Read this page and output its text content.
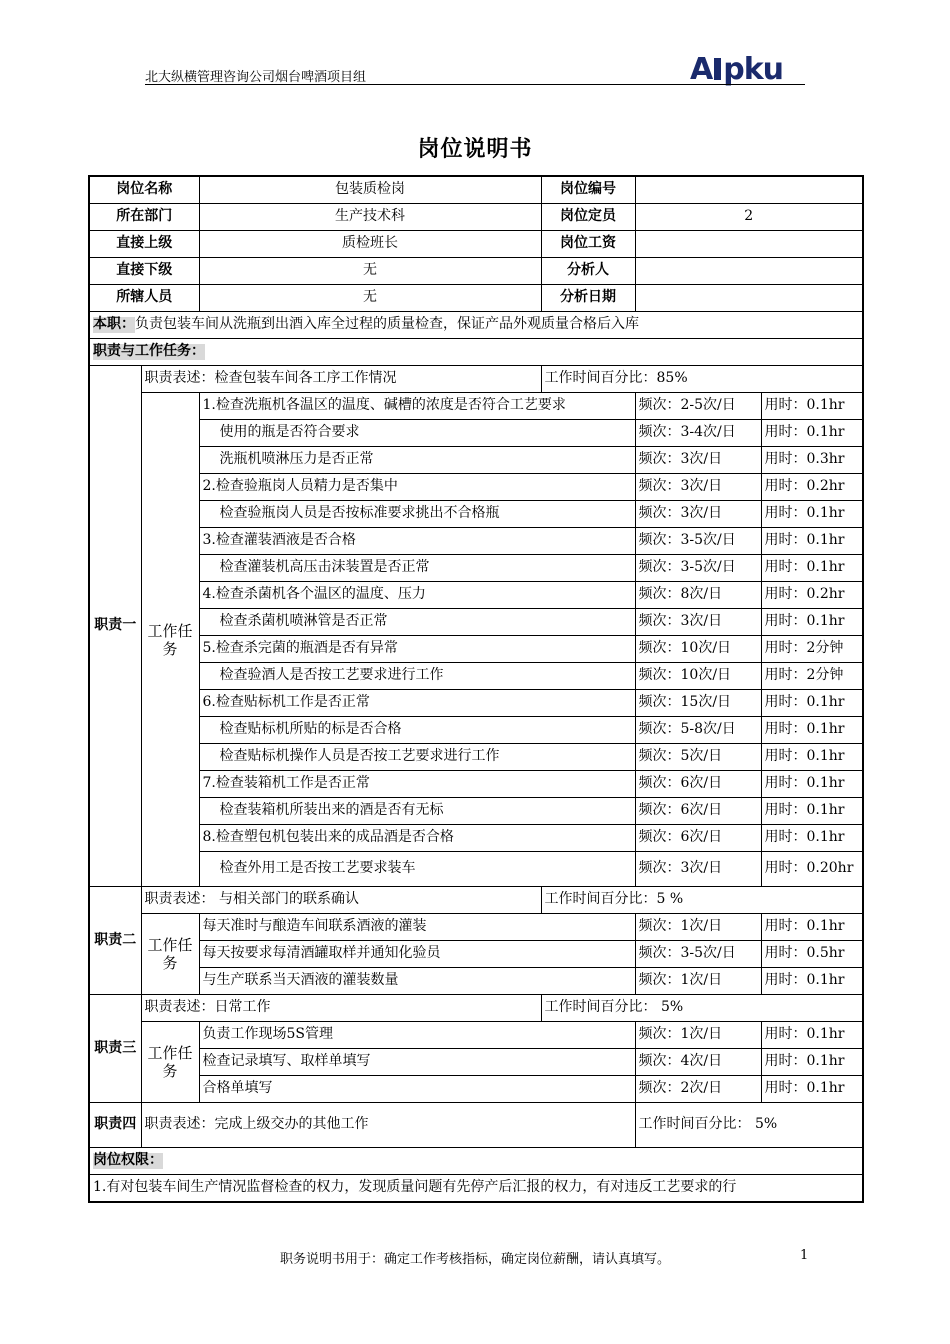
北大纵横管理咨询公司烟台啤酒项目组	A pku
岗位说明书
岗位名称		包装质检岗	岗位编号		
所在部门		生产技术科	岗位定员	2	
直接上级		质检班长	岗位工资		
直接下级		无	分析人		
所辖人员		无	分析日期		
本职：负责包装车间从洗瓶到出酒入库全过程的质量检查，保证产品外观质量合格后入库					
职责与工作任务：					
职责一	职责表述：检查包装车间各工序工作情况		工作时间百分比：85%		
	工作任务	1.检查洗瓶机各温区的温度、碱槽的浓度是否符合工艺要求		频次：2-5次/日	用时：0.1hr
		使用的瓶是否符合要求		频次：3-4次/日	用时：0.1hr
		洗瓶机喷淋压力是否正常		频次：3次/日	用时：0.3hr
		2.检查验瓶岗人员精力是否集中		频次：3次/日	用时：0.2hr
		检查验瓶岗人员是否按标准要求挑出不合格瓶		频次：3次/日	用时：0.1hr
		3.检查灌装酒液是否合格		频次：3-5次/日	用时：0.1hr
		检查灌装机高压击沫装置是否正常		频次：3-5次/日	用时：0.1hr
		4.检查杀菌机各个温区的温度、压力		频次：8次/日	用时：0.2hr
		检查杀菌机喷淋管是否正常		频次：3次/日	用时：0.1hr
		5.检查杀完菌的瓶酒是否有异常		频次：10次/日	用时：2分钟
		检查验酒人是否按工艺要求进行工作		频次：10次/日	用时：2分钟
		6.检查贴标机工作是否正常		频次：15次/日	用时：0.1hr
		检查贴标机所贴的标是否合格		频次：5-8次/日	用时：0.1hr
		检查贴标机操作人员是否按工艺要求进行工作		频次：5次/日	用时：0.1hr
		7.检查装箱机工作是否正常		频次：6次/日	用时：0.1hr
		检查装箱机所装出来的酒是否有无标		频次：6次/日	用时：0.1hr
		8.检查塑包机包装出来的成品酒是否合格		频次：6次/日	用时：0.1hr
		检查外用工是否按工艺要求装车		频次：3次/日	用时：0.20hr
职责二	职责表述： 与相关部门的联系确认		工作时间百分比：5 %		
	工作任务	每天准时与酿造车间联系酒液的灌装		频次：1次/日	用时：0.1hr
		每天按要求每清酒罐取样并通知化验员		频次：3-5次/日	用时：0.5hr
		与生产联系当天酒液的灌装数量		频次：1次/日	用时：0.1hr
职责三	职责表述：日常工作		工作时间百分比： 5%		
	工作任务	负责工作现场5S管理		频次：1次/日	用时：0.1hr
		检查记录填写、取样单填写		频次：4次/日	用时：0.1hr
		合格单填写		频次：2次/日	用时：0.1hr
职责四	职责表述：完成上级交办的其他工作			工作时间百分比： 5%	
岗位权限：					
1.有对包装车间生产情况监督检查的权力，发现质量问题有先停产后汇报的权力，有对违反工艺要求的行					
职务说明书用于：确定工作考核指标，确定岗位薪酬，请认真填写。	1
